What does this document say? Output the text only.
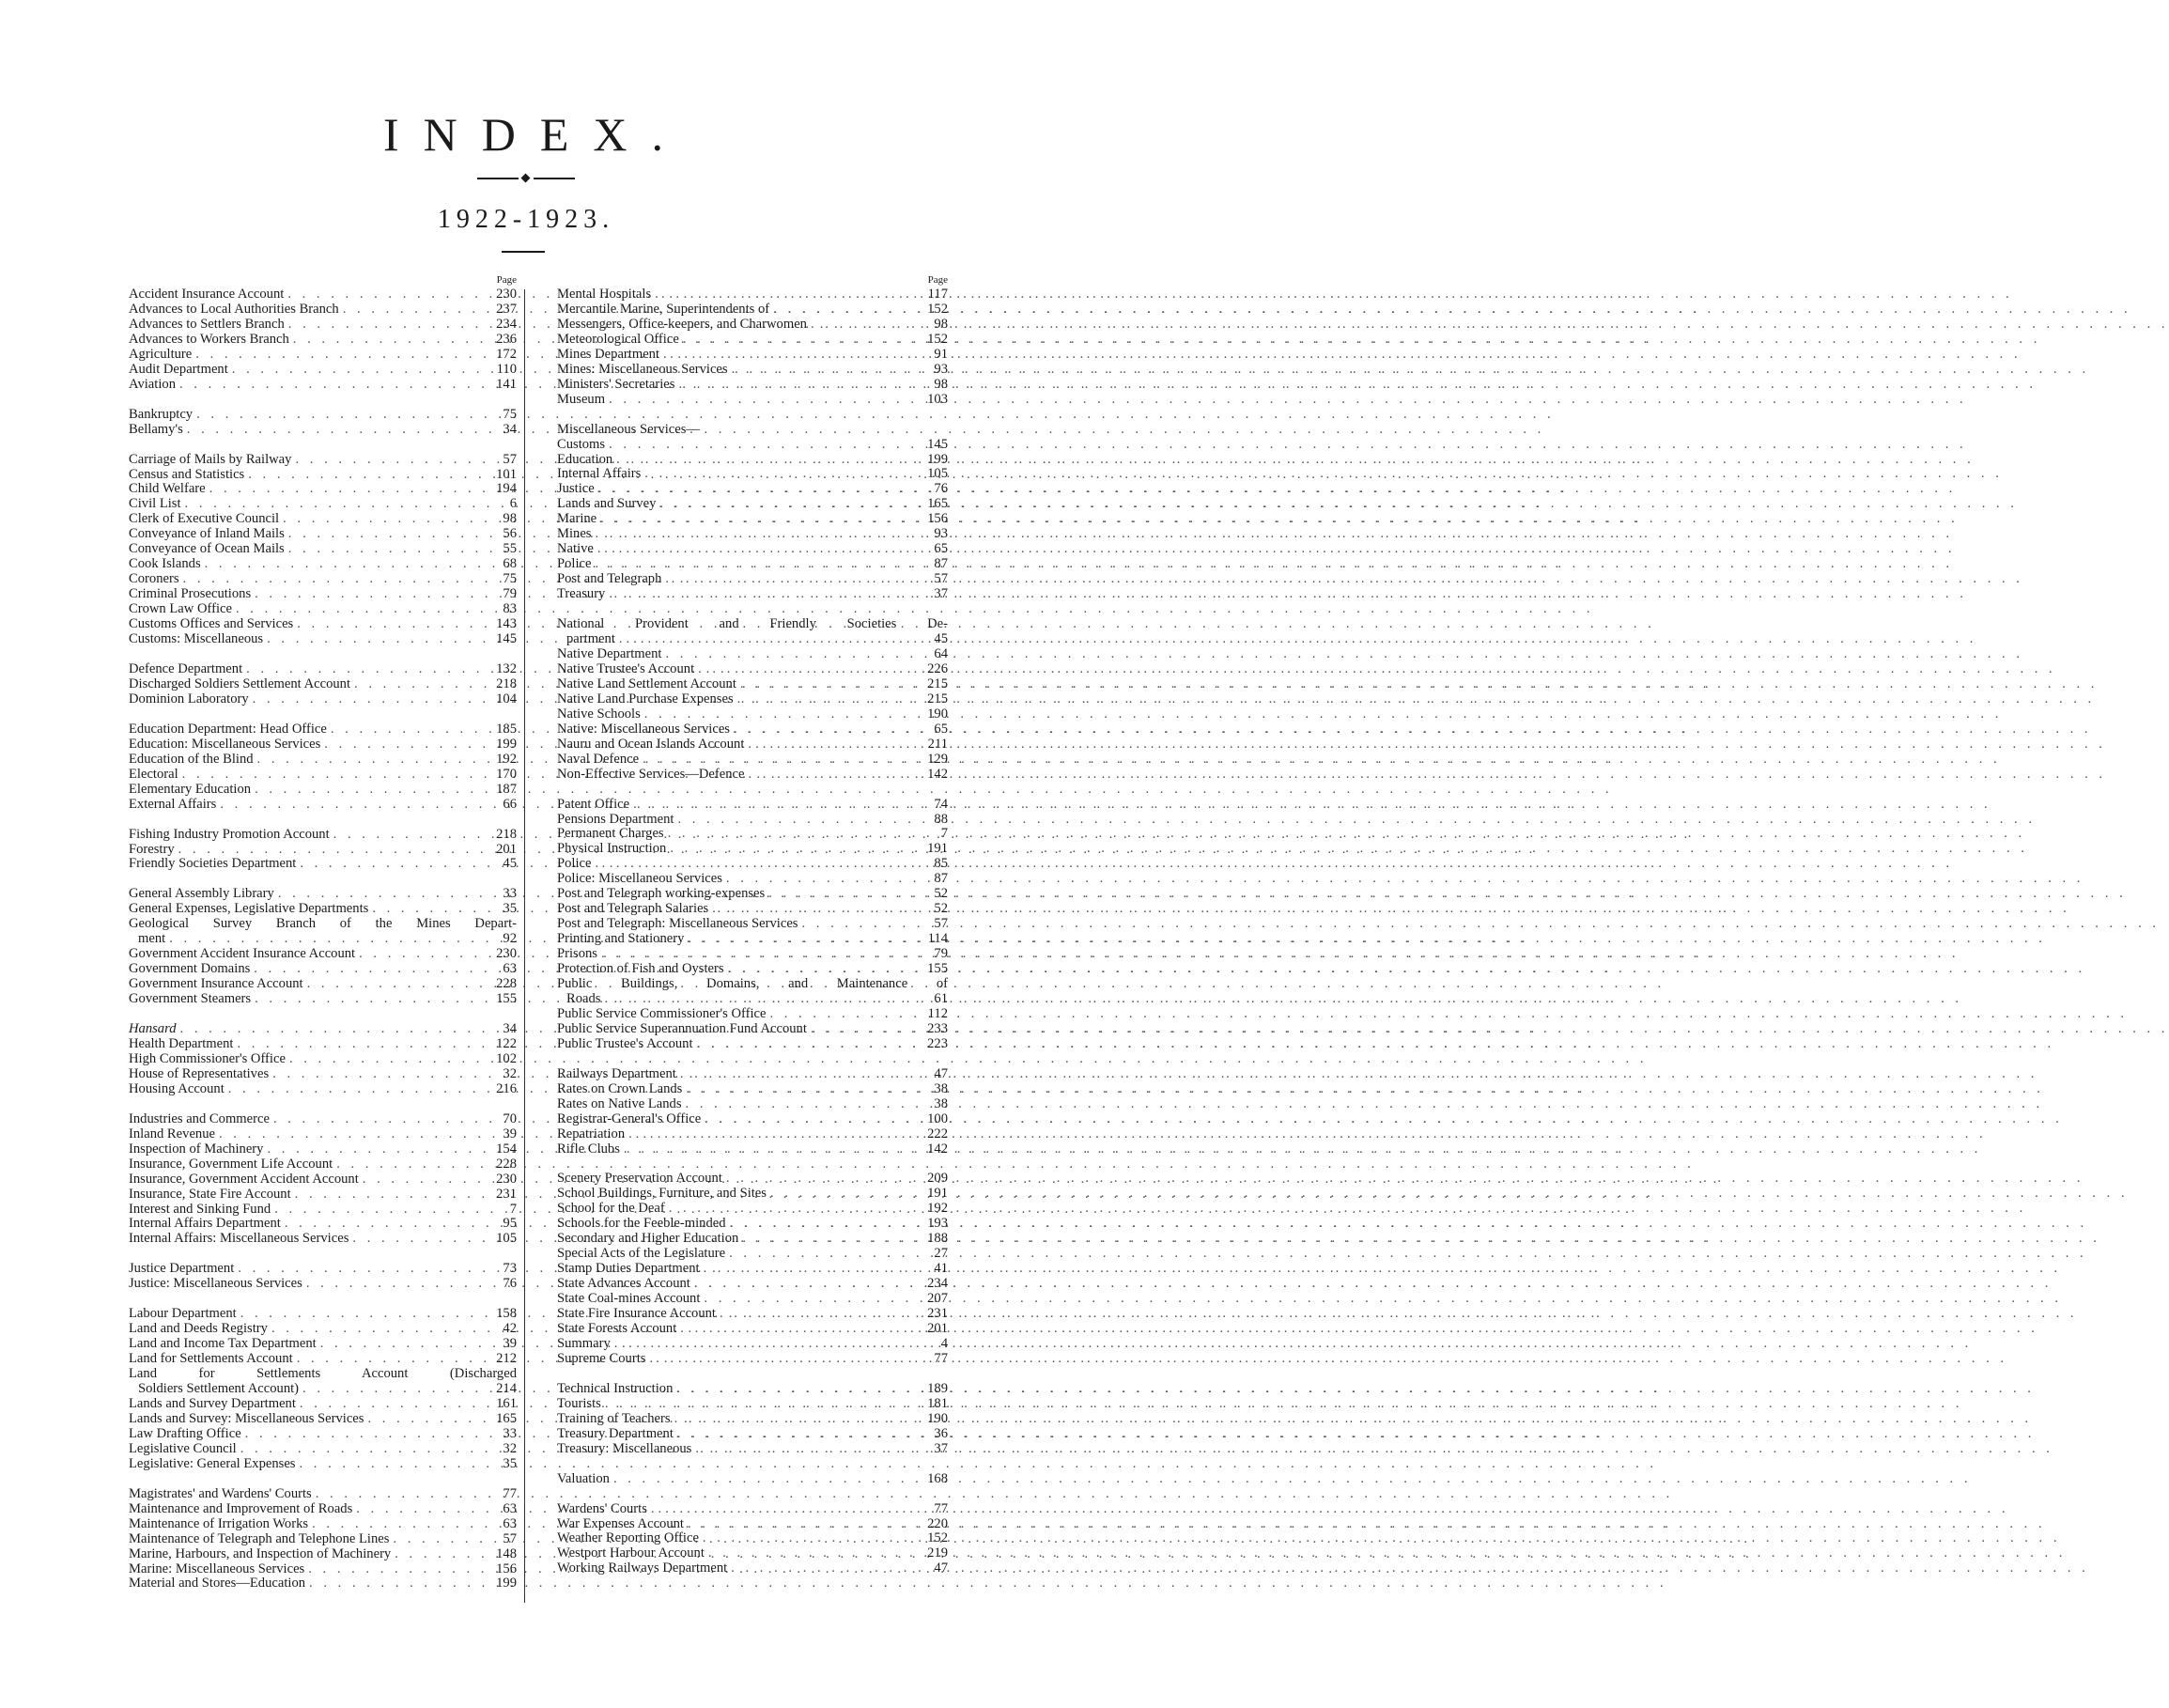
INDEX.
1922-1923.
Page
Accident Insurance Account . . .	230
Advances to Local Authorities Branch . . .	237
Advances to Settlers Branch . . .	234
Advances to Workers Branch . . .	236
Agriculture . . .	172
Audit Department . . .	110
Aviation . . .	141
Bankruptcy . . .	75
Bellamy's . . .	34
Carriage of Mails by Railway . . .	57
Census and Statistics . . .	101
Child Welfare . . .	194
Civil List . . .	6
Clerk of Executive Council . . .	98
Conveyance of Inland Mails . . .	56
Conveyance of Ocean Mails . . .	55
Cook Islands . . .	68
Coroners . . .	75
Criminal Prosecutions . . .	79
Crown Law Office . . .	83
Customs Offices and Services . . .	143
Customs: Miscellaneous . . .	145
Defence Department . . .	132
Discharged Soldiers Settlement Account . . .	218
Dominion Laboratory . . .	104
Education Department: Head Office . . .	185
Education: Miscellaneous Services . . .	199
Education of the Blind . . .	192
Electoral . . .	170
Elementary Education . . .	187
External Affairs . . .	66
Fishing Industry Promotion Account . . .	218
Forestry . . .	201
Friendly Societies Department . . .	45
General Assembly Library . . .	33
General Expenses, Legislative Departments . . .	35
Geological Survey Branch of the Mines Depart-
ment . . .	92
Government Accident Insurance Account . . .	230
Government Domains . . .	63
Government Insurance Account . . .	228
Government Steamers . . .	155
Hansard . . .	34
Health Department . . .	122
High Commissioner's Office . . .	102
House of Representatives . . .	32
Housing Account . . .	216
Industries and Commerce . . .	70
Inland Revenue . . .	39
Inspection of Machinery . . .	154
Insurance, Government Life Account . . .	228
Insurance, Government Accident Account . . .	230
Insurance, State Fire Account . . .	231
Interest and Sinking Fund . . .	7
Internal Affairs Department . . .	95
Internal Affairs: Miscellaneous Services . . .	105
Justice Department . . .	73
Justice: Miscellaneous Services . . .	76
Labour Department . . .	158
Land and Deeds Registry . . .	42
Land and Income Tax Department . . .	39
Land for Settlements Account . . .	212
Land for Settlements Account (Discharged
Soldiers Settlement Account) . . .	214
Lands and Survey Department . . .	161
Lands and Survey: Miscellaneous Services . . .	165
Law Drafting Office . . .	33
Legislative Council . . .	32
Legislative: General Expenses . . .	35
Magistrates' and Wardens' Courts . . .	77
Maintenance and Improvement of Roads . . .	63
Maintenance of Irrigation Works . . .	63
Maintenance of Telegraph and Telephone Lines . . .	57
Marine, Harbours, and Inspection of Machinery . . .	148
Marine: Miscellaneous Services . . .	156
Material and Stores—Education . . .	199
Page
Mental Hospitals . . .	117
Mercantile Marine, Superintendents of . . .	152
Messengers, Office-keepers, and Charwomen . . .	98
Meteorological Office . . .	152
Mines Department . . .	91
Mines: Miscellaneous Services . . .	93
Ministers' Secretaries . . .	98
Museum . . .	103
Miscellaneous Services—
Customs . . .	145
Education . . .	199
Internal Affairs . . .	105
Justice . . .	76
Lands and Survey . . .	165
Marine . . .	156
Mines . . .	93
Native . . .	65
Police . . .	87
Post and Telegraph . . .	57
Treasury . . .	37
National Provident and Friendly Societies De-
partment . . .	45
Native Department . . .	64
Native Trustee's Account . . .	226
Native Land Settlement Account . . .	215
Native Land Purchase Expenses . . .	215
Native Schools . . .	190
Native: Miscellaneous Services . . .	65
Nauru and Ocean Islands Account . . .	211
Naval Defence . . .	129
Non-Effective Services—Defence . . .	142
Patent Office . . .	74
Pensions Department . . .	88
Permanent Charges . . .	7
Physical Instruction . . .	191
Police . . .	85
Police: Miscellaneou Services . . .	87
Post and Telegraph working-expenses . . .	52
Post and Telegraph Salaries . . .	52
Post and Telegraph: Miscellaneous Services . . .	57
Printing and Stationery . . .	114
Prisons . . .	79
Protection of Fish and Oysters . . .	155
Public Buildings, Domains, and Maintenance of
Roads . . .	61
Public Service Commissioner's Office . . .	112
Public Service Superannuation Fund Account . . .	233
Public Trustee's Account . . .	223
Railways Department . . .	47
Rates on Crown Lands . . .	38
Rates on Native Lands . . .	38
Registrar-General's Office . . .	100
Repatriation . . .	222
Rifle Clubs . . .	142
Scenery Preservation Account . . .	209
School Buildings, Furniture, and Sites . . .	191
School for the Deaf . . .	192
Schools for the Feeble-minded . . .	193
Secondary and Higher Education . . .	188
Special Acts of the Legislature . . .	27
Stamp Duties Department . . .	41
State Advances Account . . .	234
State Coal-mines Account . . .	207
State Fire Insurance Account . . .	231
State Forests Account . . .	201
Summary . . .	4
Supreme Courts . . .	77
Technical Instruction . . .	189
Tourists . . .	181
Training of Teachers . . .	190
Treasury Department . . .	36
Treasury: Miscellaneous . . .	37
Valuation . . .	168
Wardens' Courts . . .	77
War Expenses Account . . .	220
Weather Reporting Office . . .	152
Westport Harbour Account . . .	219
Working Railways Department . . .	47
